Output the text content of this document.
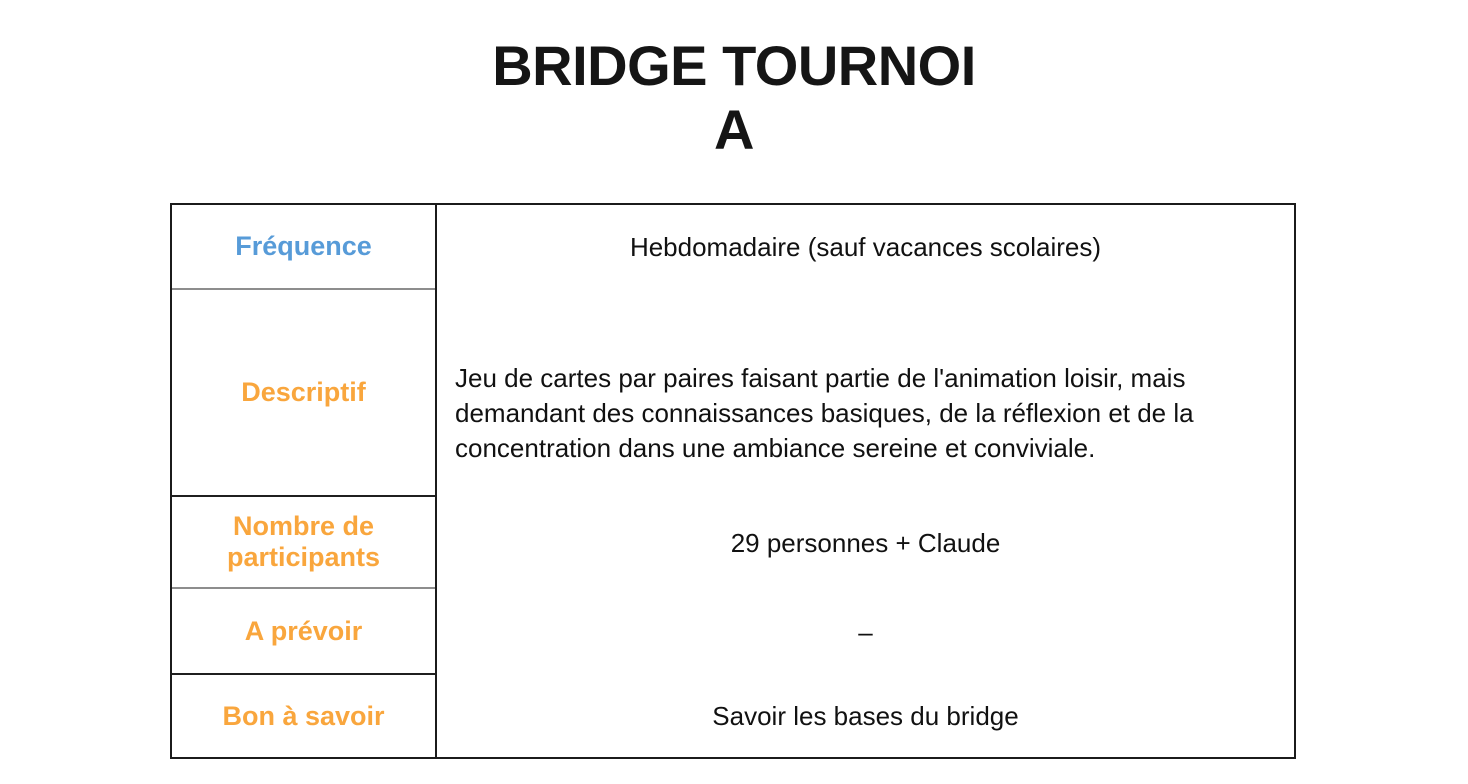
BRIDGE TOURNOI
A
Fréquence
Descriptif
Nombre de participants
A prévoir
Bon à savoir
Hebdomadaire (sauf vacances scolaires)
Jeu de cartes par paires faisant partie de l'animation loisir, mais demandant des connaissances basiques, de la réflexion et de la concentration dans une ambiance sereine et conviviale.
29 personnes + Claude
–
Savoir les bases du bridge
